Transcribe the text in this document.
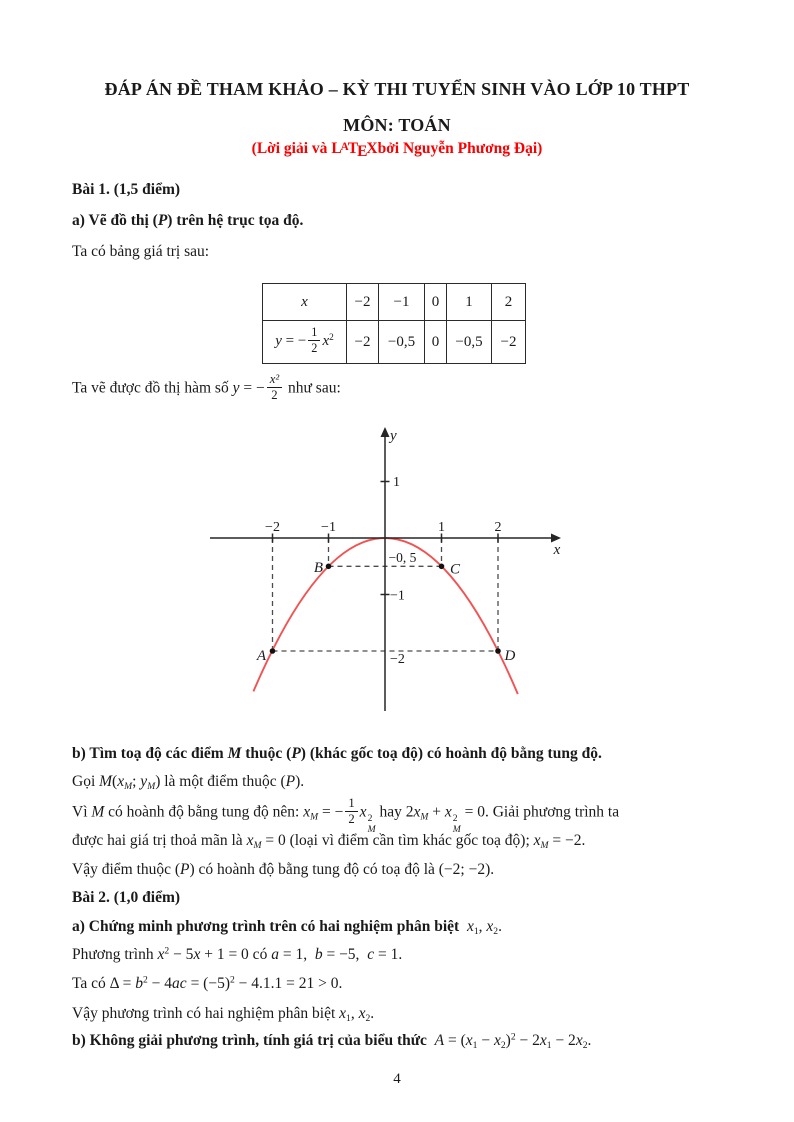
ĐÁP ÁN ĐỀ THAM KHẢO – KỲ THI TUYỂN SINH VÀO LỚP 10 THPT
MÔN: TOÁN
(Lời giải và $L^ATEXbởi$ Nguyễn Phương Đại)
Bài 1. (1,5 điểm)
a) Vẽ đồ thị (P) trên hệ trục tọa độ.
Ta có bảng giá trị sau:
x	−2	−1	0	1	2
y = − $\frac{1}{2} x^2$	−2	−0,5	0	−0,5	−2
Ta vẽ được đồ thị hàm số y = − $\frac{\text{x²}}{2}$ như sau:
y
x
−2	−1	1	2
1
−1
−2
−0, 5
A
B	C
D
b) Tìm toạ độ các điểm M thuộc (P) (khác gốc toạ độ) có hoành độ bằng tung độ.
Gọi M(xM; yM) là một điểm thuộc (P).
Vì M có hoành độ bằng tung độ nên: xM = − $\frac{1}{2}$ x 2
M
hay 2xM + x 2
M
= 0. Giải phương trình ta
được hai giá trị thoả mãn là xM = 0 (loại vì điểm cần tìm khác gốc toạ độ); xM = −2.
Vậy điểm thuộc (P) có hoành độ bằng tung độ có toạ độ là (−2; −2).
Bài 2. (1,0 điểm)
a) Chứng minh phương trình trên có hai nghiệm phân biệt x1, x2.
Phương trình $x^2 - 5x + 1 = 0$ có a = 1, b = −5, c = 1.
Ta có $\Delta = b^2 - 4ac = (-5)^2 - 4.1.1 = 21 > 0$.
Vậy phương trình có hai nghiệm phân biệt x1, x2.
b) Không giải phương trình, tính giá trị của biểu thức $A = (x1 - x2)^2 - 2x1 - 2x2$.
4
